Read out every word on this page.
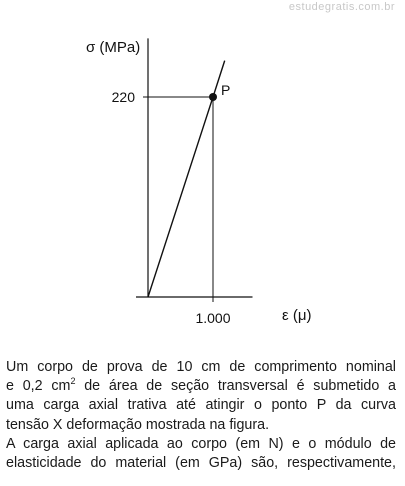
estudegratis.com.br
P
1.000
220
σ (MPa)
ε (μ)

Um corpo de prova de 10 cm de comprimento nominal
e 0,2 $cm^2$ de área de seção transversal é submetido a
uma carga axial trativa até atingir o ponto P da curva
tensão X deformação mostrada na figura.

A carga axial aplicada ao corpo (em N) e o módulo de
elasticidade do material (em GPa) são, respectivamente,
